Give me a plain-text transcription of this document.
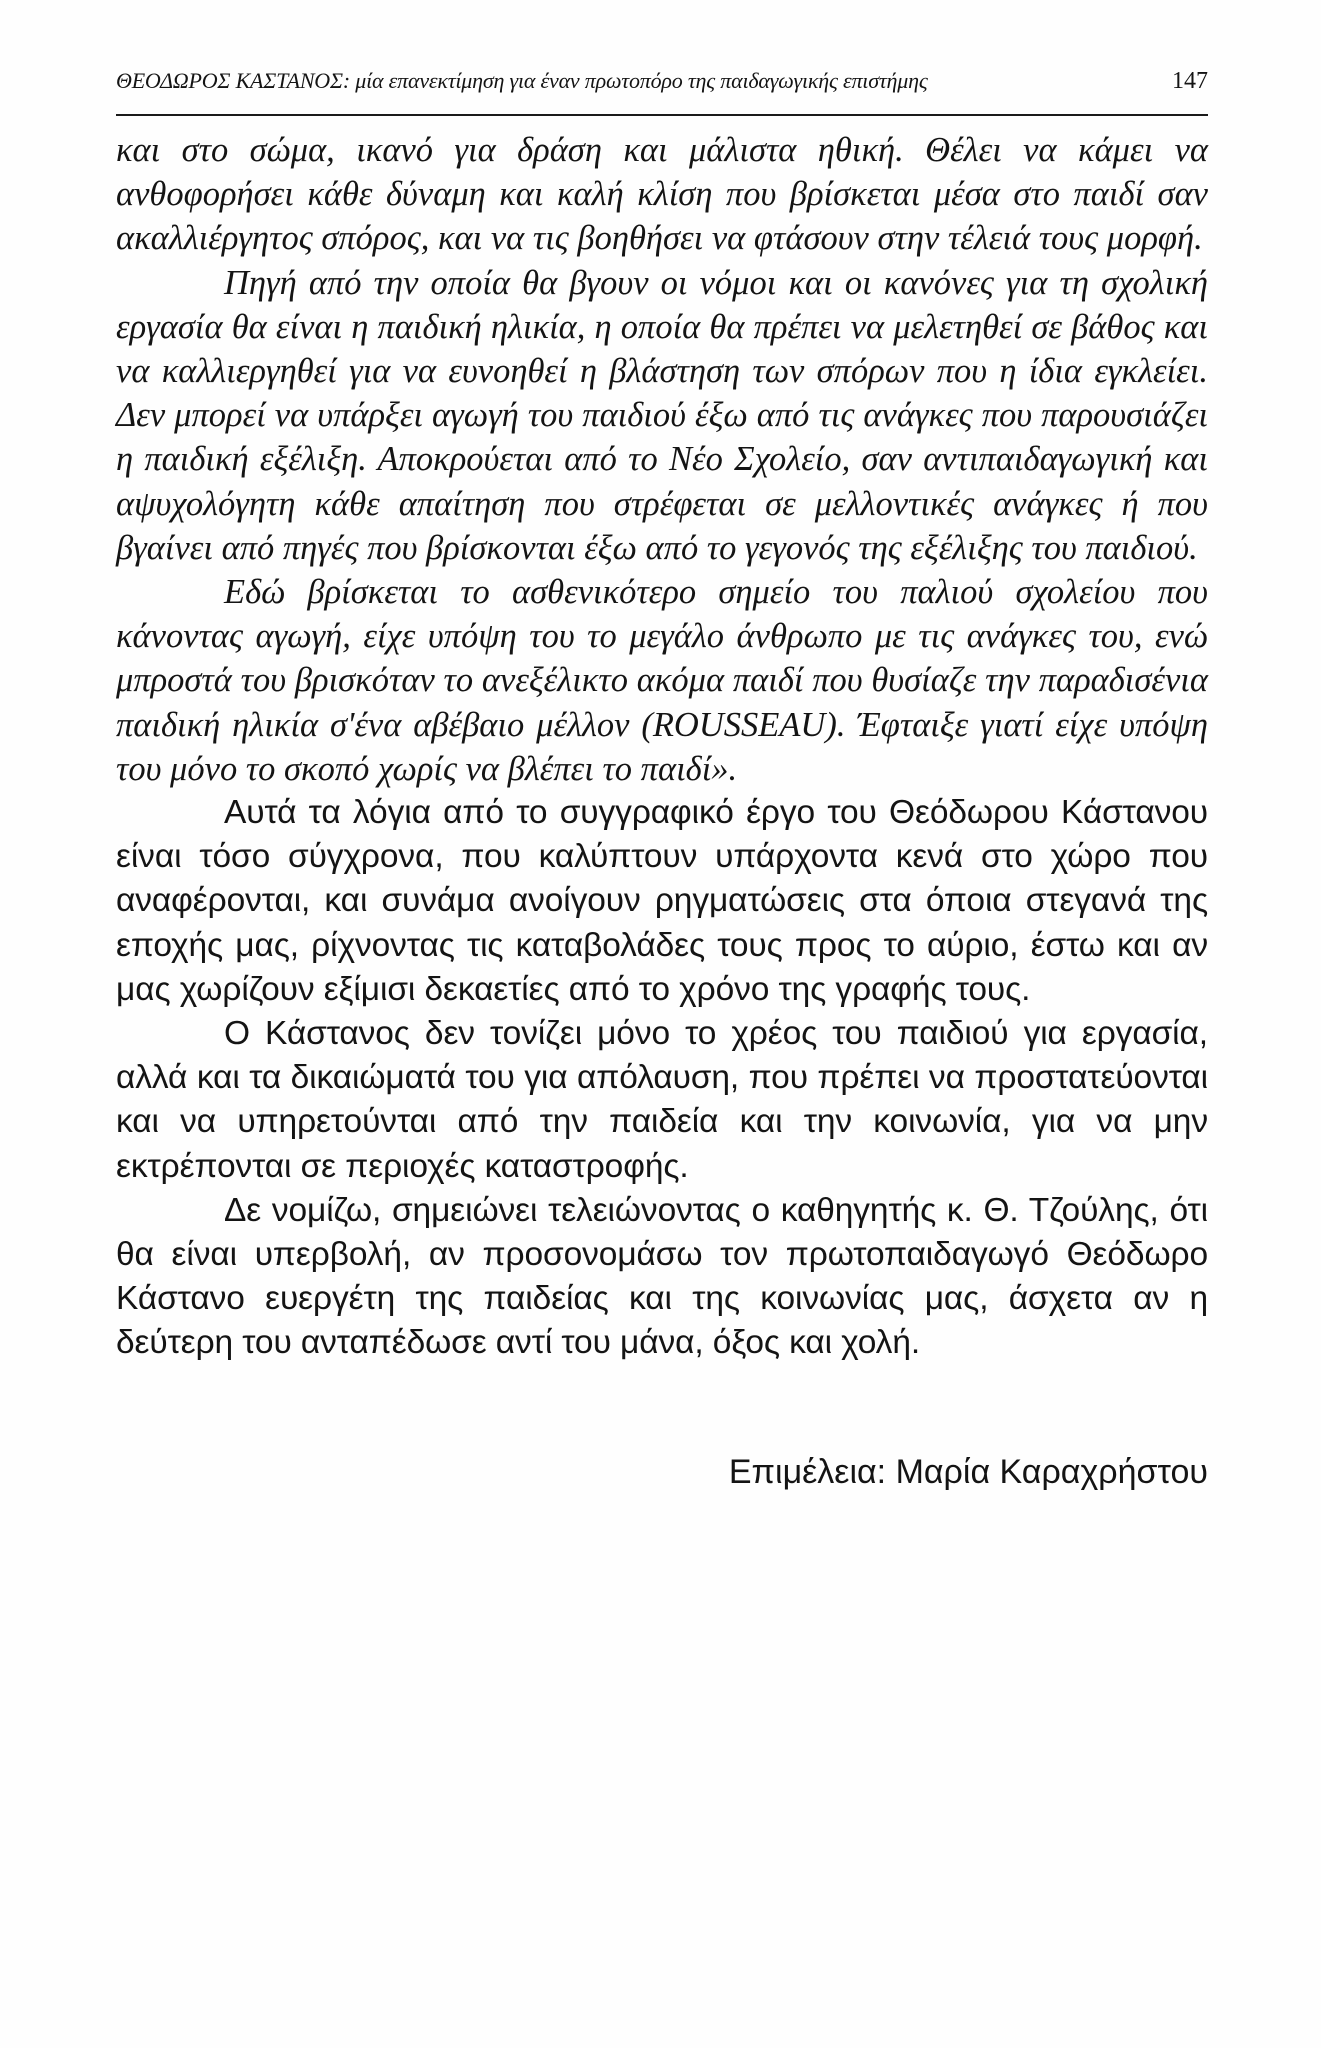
ΘΕΟΔΩΡΟΣ ΚΑΣΤΑΝΟΣ: μία επανεκτίμηση για έναν πρωτοπόρο της παιδαγωγικής επιστήμης	147

και στο σώμα, ικανό για δράση και μάλιστα ηθική. Θέλει να κάμει να ανθοφορήσει κάθε δύναμη και καλή κλίση που βρίσκεται μέσα στο παιδί σαν ακαλλιέργητος σπόρος, και να τις βοηθήσει να φτάσουν στην τέλειά τους μορφή.

Πηγή από την οποία θα βγουν οι νόμοι και οι κανόνες για τη σχολική εργασία θα είναι η παιδική ηλικία, η οποία θα πρέπει να μελετηθεί σε βάθος και να καλλιεργηθεί για να ευνοηθεί η βλάστηση των σπόρων που η ίδια εγκλείει. Δεν μπορεί να υπάρξει αγωγή του παιδιού έξω από τις ανάγκες που παρουσιάζει η παιδική εξέλιξη. Αποκρούεται από το Νέο Σχολείο, σαν αντιπαιδαγωγική και αψυχολόγητη κάθε απαίτηση που στρέφεται σε μελλοντικές ανάγκες ή που βγαίνει από πηγές που βρίσκονται έξω από το γεγονός της εξέλιξης του παιδιού.

Εδώ βρίσκεται το ασθενικότερο σημείο του παλιού σχολείου που κάνοντας αγωγή, είχε υπόψη του το μεγάλο άνθρωπο με τις ανάγκες του, ενώ μπροστά του βρισκόταν το ανεξέλικτο ακόμα παιδί που θυσίαζε την παραδισένια παιδική ηλικία σ'ένα αβέβαιο μέλλον (ROUSSEAU). Έφταιξε γιατί είχε υπόψη του μόνο το σκοπό χωρίς να βλέπει το παιδί».

Αυτά τα λόγια από το συγγραφικό έργο του Θεόδωρου Κάστανου είναι τόσο σύγχρονα, που καλύπτουν υπάρχοντα κενά στο χώρο που αναφέρονται, και συνάμα ανοίγουν ρηγματώσεις στα όποια στεγανά της εποχής μας, ρίχνοντας τις καταβολάδες τους προς το αύριο, έστω και αν μας χωρίζουν εξίμισι δεκαετίες από το χρόνο της γραφής τους.

Ο Κάστανος δεν τονίζει μόνο το χρέος του παιδιού για εργασία, αλλά και τα δικαιώματά του για απόλαυση, που πρέπει να προστατεύονται και να υπηρετούνται από την παιδεία και την κοινωνία, για να μην εκτρέπονται σε περιοχές καταστροφής.

Δε νομίζω, σημειώνει τελειώνοντας ο καθηγητής κ. Θ. Τζούλης, ότι θα είναι υπερβολή, αν προσονομάσω τον πρωτοπαιδαγωγό Θεόδωρο Κάστανο ευεργέτη της παιδείας και της κοινωνίας μας, άσχετα αν η δεύτερη του ανταπέδωσε αντί του μάνα, όξος και χολή.

Επιμέλεια: Μαρία Καραχρήστου
